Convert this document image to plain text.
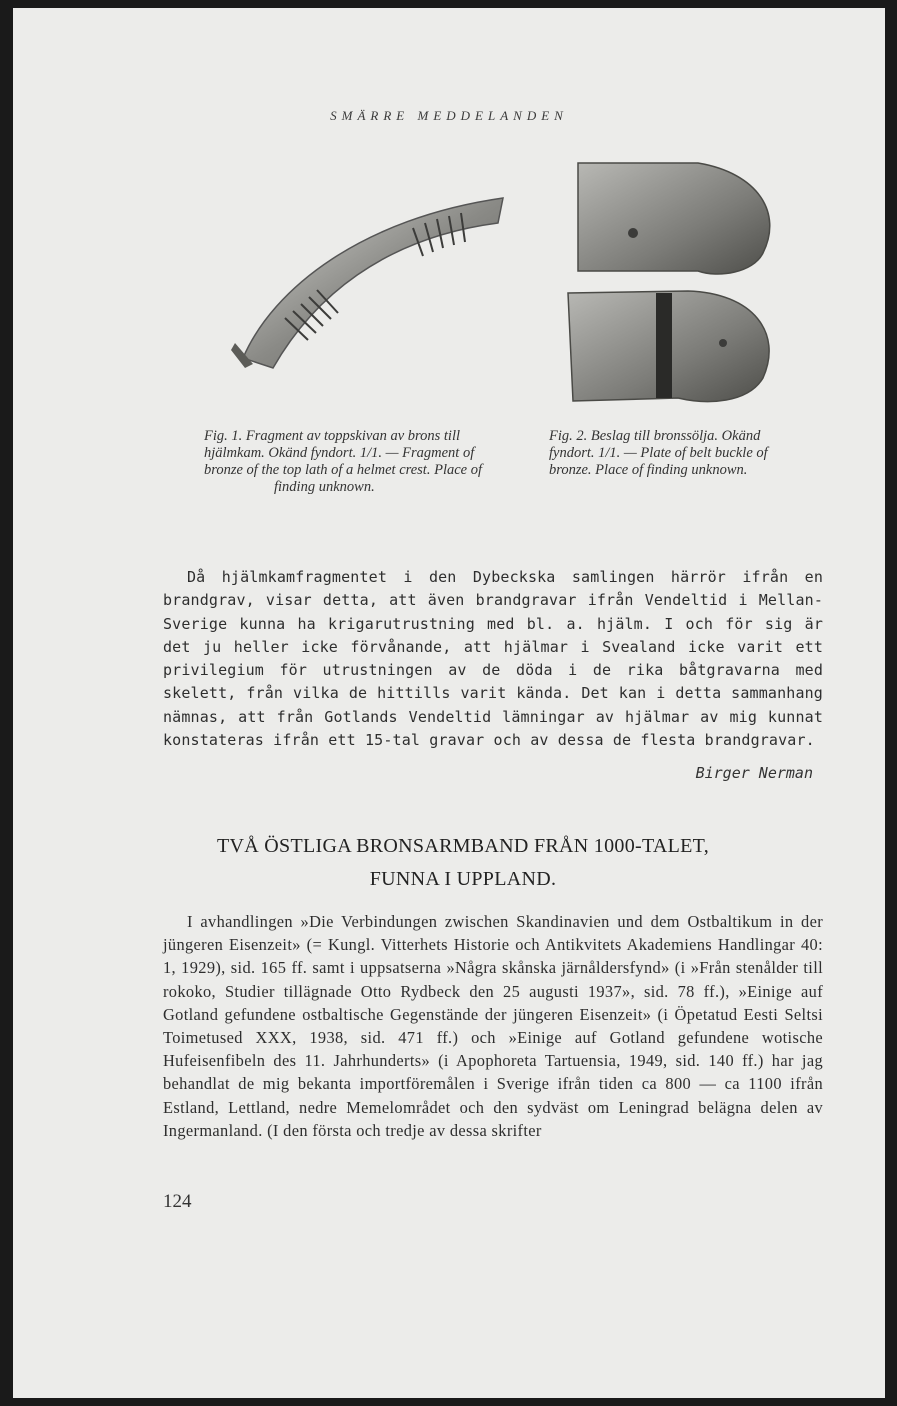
SMÄRRE MEDDELANDEN

Fig. 1. Fragment av toppskivan av brons till hjälmkam. Okänd fyndort. 1/1. — Fragment of bronze of the top lath of a helmet crest. Place of

finding unknown.

Fig. 2. Beslag till bronssölja. Okänd fyndort. 1/1. — Plate of belt buckle of bronze. Place of finding unknown.

Då hjälmkamfragmentet i den Dybeckska samlingen härrör ifrån en brandgrav, visar detta, att även brandgravar ifrån Vendeltid i Mellan-Sverige kunna ha krigarutrustning med bl. a. hjälm. I och för sig är det ju heller icke förvånande, att hjälmar i Svealand icke varit ett privilegium för utrustningen av de döda i de rika båtgravarna med skelett, från vilka de hittills varit kända. Det kan i detta sammanhang nämnas, att från Gotlands Vendeltid lämningar av hjälmar av mig kunnat konstateras ifrån ett 15-tal gravar och av dessa de flesta brandgravar.

Birger Nerman
TVÅ ÖSTLIGA BRONSARMBAND FRÅN 1000-TALET,
FUNNA I UPPLAND.

I avhandlingen »Die Verbindungen zwischen Skandinavien und dem Ostbaltikum in der jüngeren Eisenzeit» (= Kungl. Vitterhets Historie och Antikvitets Akademiens Handlingar 40: 1, 1929), sid. 165 ff. samt i uppsatserna »Några skånska järnåldersfynd» (i »Från stenålder till rokoko, Studier tillägnade Otto Rydbeck den 25 augusti 1937», sid. 78 ff.), »Einige auf Gotland gefundene ostbaltische Gegenstände der jüngeren Eisenzeit» (i Öpetatud Eesti Seltsi Toimetused XXX, 1938, sid. 471 ff.) och »Einige auf Gotland gefundene wotische Hufeisenfibeln des 11. Jahrhunderts» (i Apophoreta Tartuensia, 1949, sid. 140 ff.) har jag behandlat de mig bekanta importföremålen i Sverige ifrån tiden ca 800 — ca 1100 ifrån Estland, Lettland, nedre Memelområdet och den sydväst om Leningrad belägna delen av Ingermanland. (I den första och tredje av dessa skrifter

124
